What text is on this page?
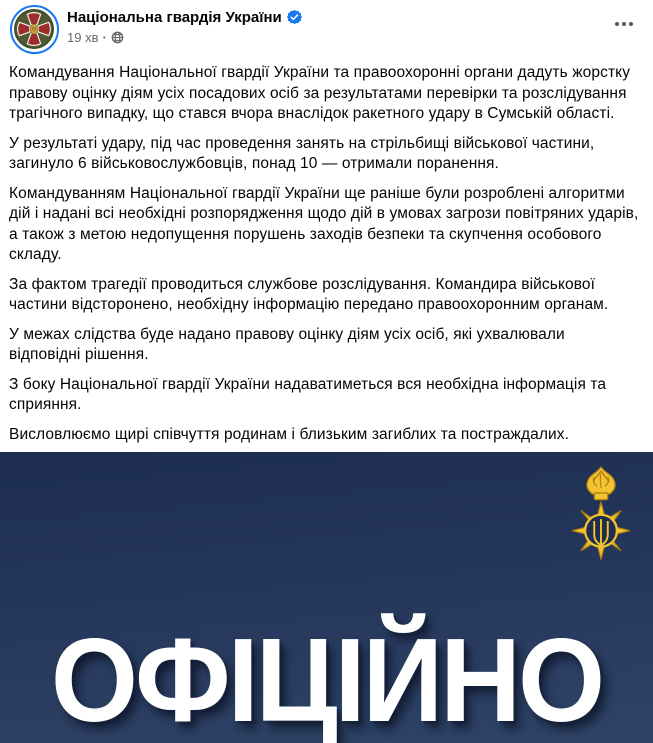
Національна гвардія України
19 хв ·

Командування Національної гвардії України та правоохоронні органи дадуть жорстку правову оцінку діям усіх посадових осіб за результатами перевірки та розслідування трагічного випадку, що стався вчора внаслідок ракетного удару в Сумській області.

У результаті удару, під час проведення занять на стрільбищі військової частини, загинуло 6 військовослужбовців, понад 10 — отримали поранення.

Командуванням Національної гвардії України ще раніше були розроблені алгоритми дій і надані всі необхідні розпорядження щодо дій в умовах загрози повітряних ударів, а також з метою недопущення порушень заходів безпеки та скупчення особового складу.

За фактом трагедії проводиться службове розслідування. Командира військової частини відсторонено, необхідну інформацію передано правоохоронним органам.

У межах слідства буде надано правову оцінку діям усіх осіб, які ухвалювали відповідні рішення.

З боку Національної гвардії України надаватиметься вся необхідна інформація та сприяння.

Висловлюємо щирі співчуття родинам і близьким загиблих та постраждалих.

ОФІЦІЙНО
